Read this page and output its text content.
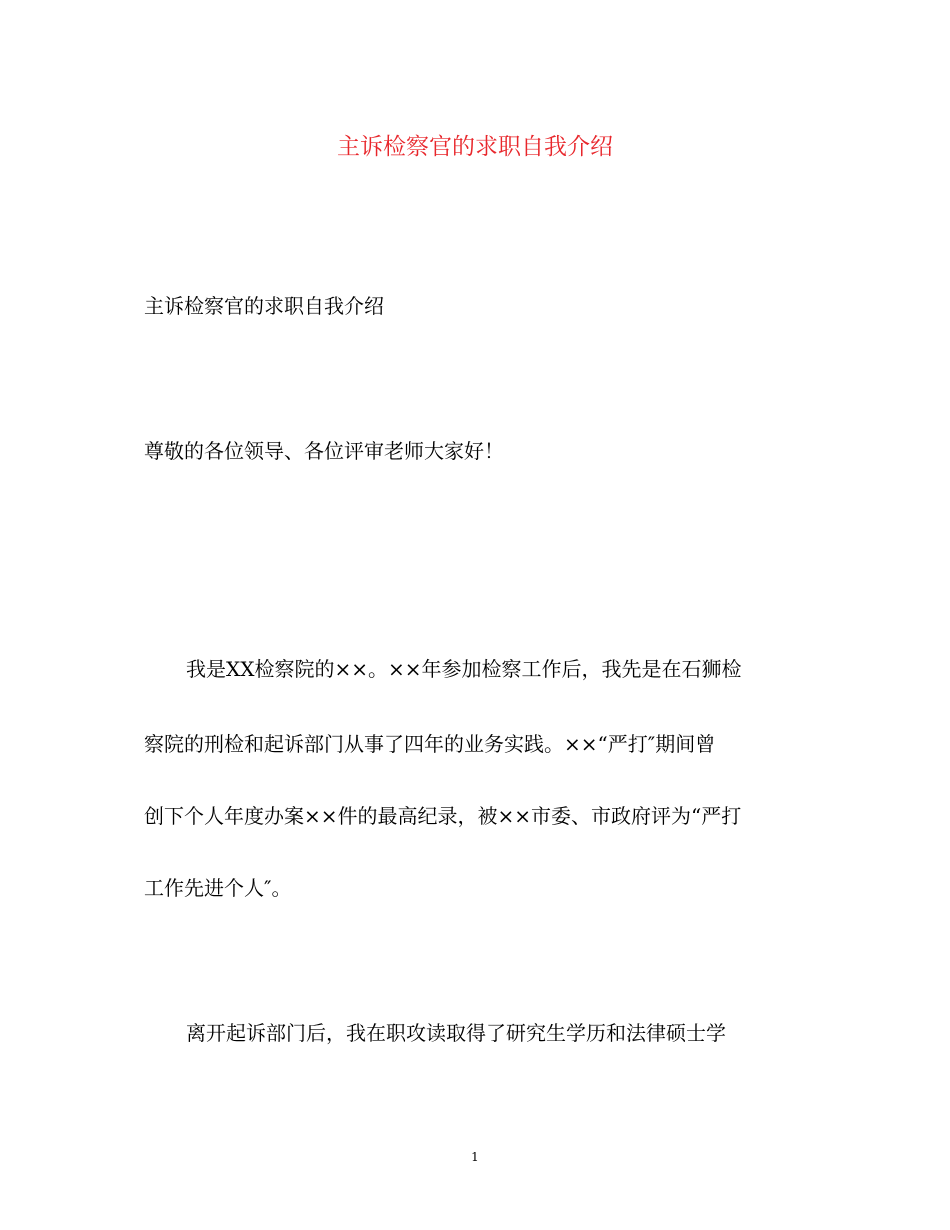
主诉检察官的求职自我介绍
主诉检察官的求职自我介绍
尊敬的各位领导、各位评审老师大家好！
我是XX检察院的××。××年参加检察工作后，我先是在石狮检
察院的刑检和起诉部门从事了四年的业务实践。××“严打″期间曾
创下个人年度办案××件的最高纪录，被××市委、市政府评为“严打
工作先进个人″。
离开起诉部门后，我在职攻读取得了研究生学历和法律硕士学
1
